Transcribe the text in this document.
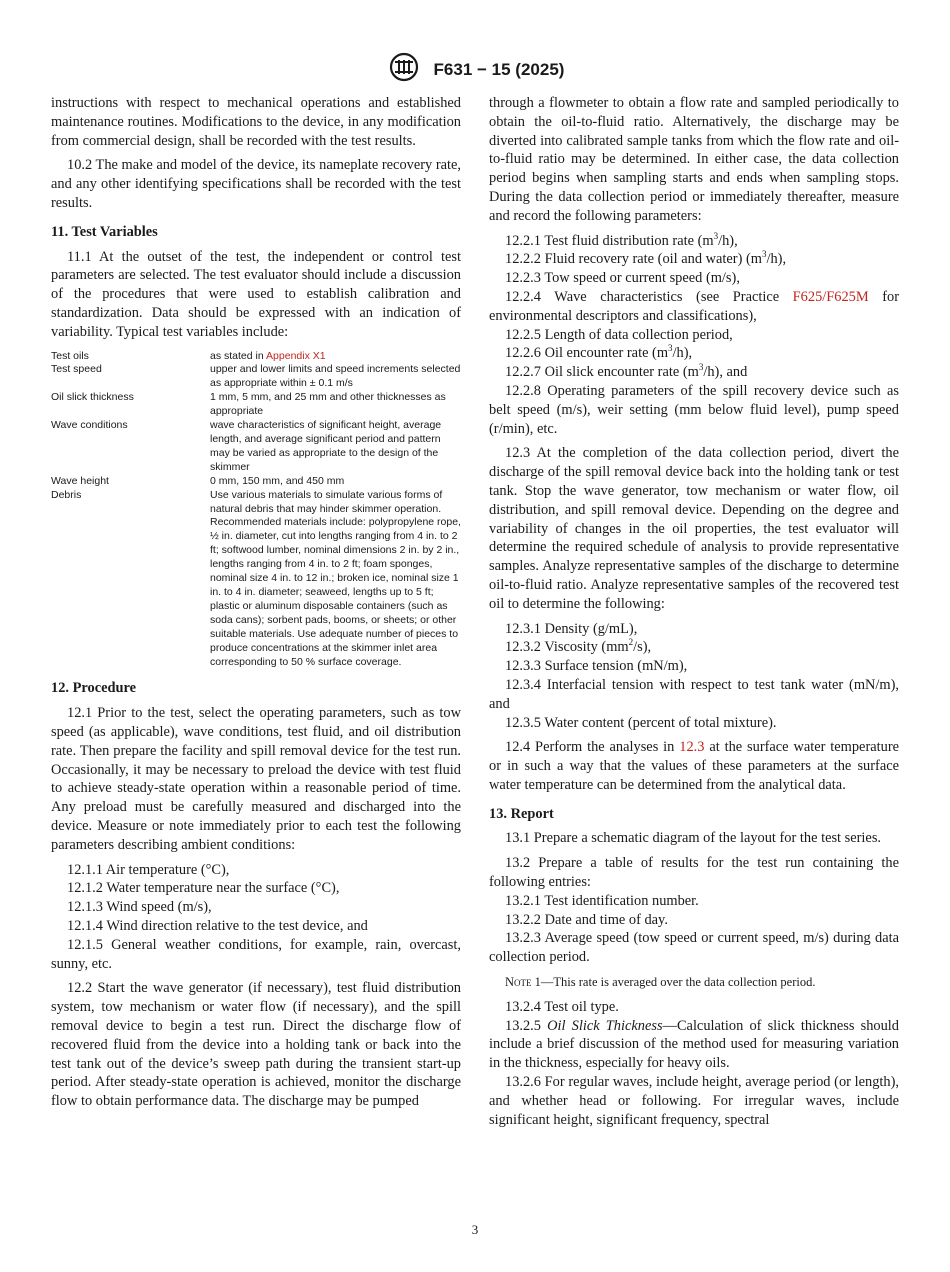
F631 − 15 (2025)

instructions with respect to mechanical operations and established maintenance routines. Modifications to the device, in any modification from commercial design, shall be recorded with the test results.

10.2 The make and model of the device, its nameplate recovery rate, and any other identifying specifications shall be recorded with the test results.

11. Test Variables

11.1 At the outset of the test, the independent or control test parameters are selected. The test evaluator should include a discussion of the procedures that were used to establish calibration and standardization. Data should be expressed with an indication of variability. Typical test variables include:

Test oils	as stated in Appendix X1
Test speed	upper and lower limits and speed increments selected as appropriate within ± 0.1 m/s
Oil slick thickness	1 mm, 5 mm, and 25 mm and other thicknesses as appropriate
Wave conditions	wave characteristics of significant height, average length, and average significant period and pattern may be varied as appropriate to the design of the skimmer
Wave height	0 mm, 150 mm, and 450 mm
Debris	Use various materials to simulate various forms of natural debris that may hinder skimmer operation. Recommended materials include: polypropylene rope, ½ in. diameter, cut into lengths ranging from 4 in. to 2 ft; softwood lumber, nominal dimensions 2 in. by 2 in., lengths ranging from 4 in. to 2 ft; foam sponges, nominal size 4 in. to 12 in.; broken ice, nominal size 1 in. to 4 in. diameter; seaweed, lengths up to 5 ft; plastic or aluminum disposable containers (such as soda cans); sorbent pads, booms, or sheets; or other suitable materials. Use adequate number of pieces to produce concentrations at the skimmer inlet area corresponding to 50 % surface coverage.
12. Procedure

12.1 Prior to the test, select the operating parameters, such as tow speed (as applicable), wave conditions, test fluid, and oil distribution rate. Then prepare the facility and spill removal device for the test run. Occasionally, it may be necessary to preload the device with test fluid to achieve steady-state operation within a reasonable period of time. Any preload must be carefully measured and discharged into the device. Measure or note immediately prior to each test the following parameters describing ambient conditions:

12.1.1 Air temperature (°C),

12.1.2 Water temperature near the surface (°C),

12.1.3 Wind speed (m/s),

12.1.4 Wind direction relative to the test device, and

12.1.5 General weather conditions, for example, rain, overcast, sunny, etc.

12.2 Start the wave generator (if necessary), test fluid distribution system, tow mechanism or water flow (if necessary), and the spill removal device to begin a test run. Direct the discharge flow of recovered fluid from the device into a holding tank or back into the test tank out of the device’s sweep path during the transient start-up period. After steady-state operation is achieved, monitor the discharge flow to obtain performance data. The discharge may be pumped

through a flowmeter to obtain a flow rate and sampled periodically to obtain the oil-to-fluid ratio. Alternatively, the discharge may be diverted into calibrated sample tanks from which the flow rate and oil-to-fluid ratio may be determined. In either case, the data collection period begins when sampling starts and ends when sampling stops. During the data collection period or immediately thereafter, measure and record the following parameters:

12.2.1 Test fluid distribution rate $(m^3/h)$,

12.2.2 Fluid recovery rate (oil and water) $(m^3/h)$,

12.2.3 Tow speed or current speed (m/s),

12.2.4 Wave characteristics (see Practice F625/F625M for environmental descriptors and classifications),

12.2.5 Length of data collection period,

12.2.6 Oil encounter rate $(m^3/h)$,

12.2.7 Oil slick encounter rate $(m^3/h)$, and

12.2.8 Operating parameters of the spill recovery device such as belt speed (m/s), weir setting (mm below fluid level), pump speed (r/min), etc.

12.3 At the completion of the data collection period, divert the discharge of the spill removal device back into the holding tank or test tank. Stop the wave generator, tow mechanism or water flow, oil distribution, and spill removal device. Depending on the degree and variability of changes in the oil properties, the test evaluator will determine the required schedule of analysis to provide representative samples. Analyze representative samples of the discharge to determine oil-to-fluid ratio. Analyze representative samples of the recovered test oil to determine the following:

12.3.1 Density (g/mL),

12.3.2 Viscosity $(mm^2/s)$,

12.3.3 Surface tension (mN/m),

12.3.4 Interfacial tension with respect to test tank water (mN/m), and

12.3.5 Water content (percent of total mixture).

12.4 Perform the analyses in 12.3 at the surface water temperature or in such a way that the values of these parameters at the surface water temperature can be determined from the analytical data.

13. Report

13.1 Prepare a schematic diagram of the layout for the test series.

13.2 Prepare a table of results for the test run containing the following entries:

13.2.1 Test identification number.

13.2.2 Date and time of day.

13.2.3 Average speed (tow speed or current speed, m/s) during data collection period.

Note 1—This rate is averaged over the data collection period.

13.2.4 Test oil type.

13.2.5 Oil Slick Thickness—Calculation of slick thickness should include a brief discussion of the method used for measuring variation in the thickness, especially for heavy oils.

13.2.6 For regular waves, include height, average period (or length), and whether head or following. For irregular waves, include significant height, significant frequency, spectral

3
